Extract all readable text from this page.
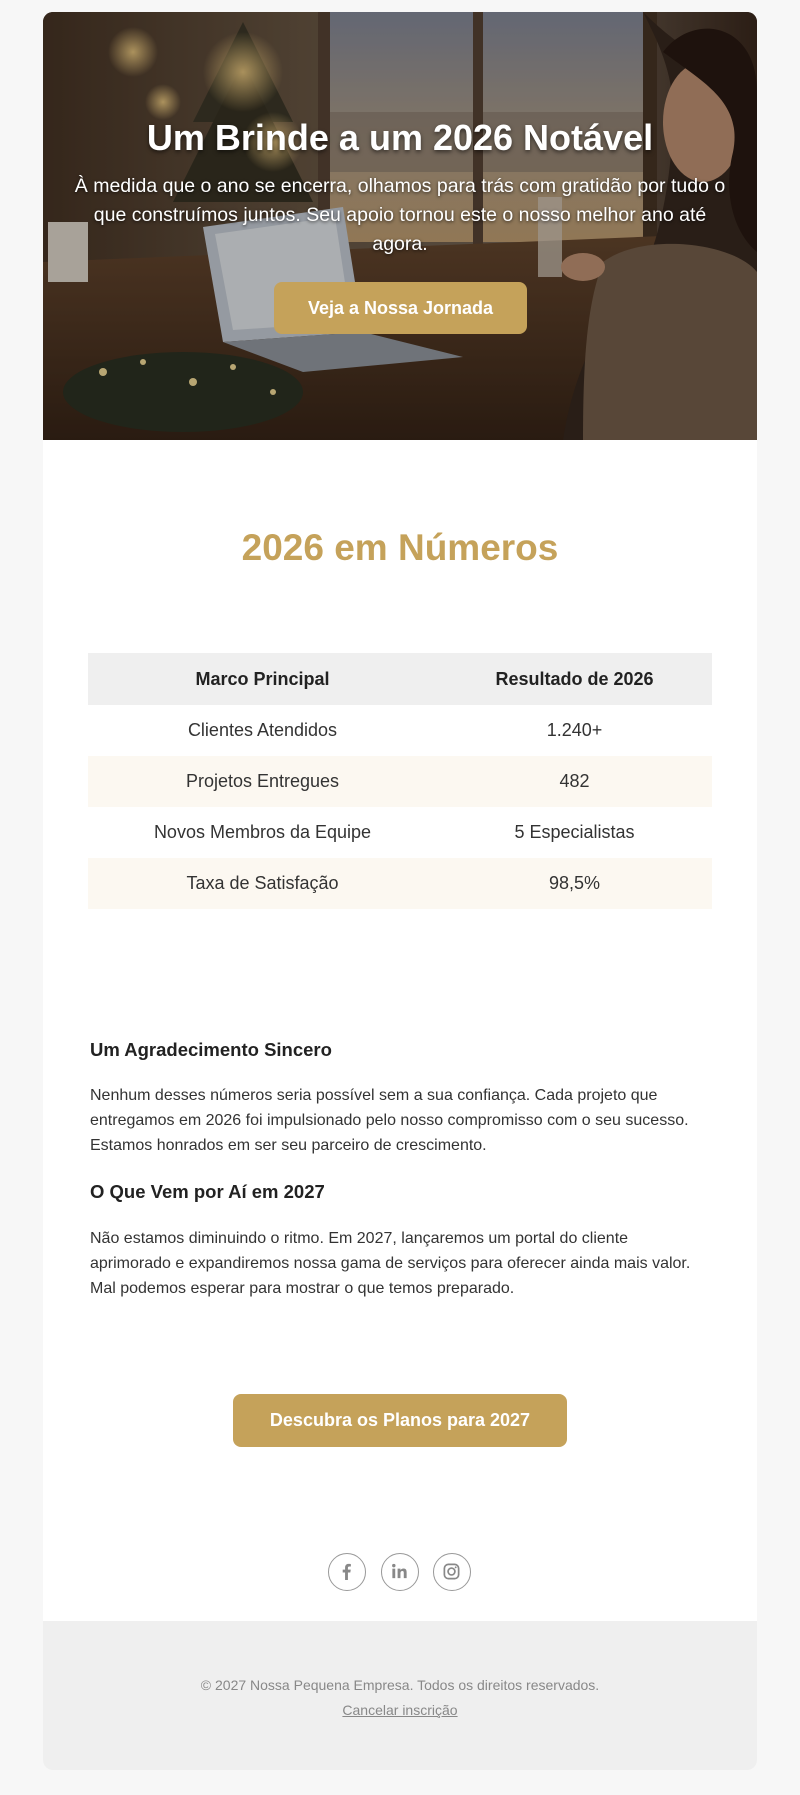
Um Brinde a um 2026 Notável
À medida que o ano se encerra, olhamos para trás com gratidão por tudo o que construímos juntos. Seu apoio tornou este o nosso melhor ano até agora.
Veja a Nossa Jornada
2026 em Números
Marco Principal	Resultado de 2026
Clientes Atendidos	1.240+
Projetos Entregues	482
Novos Membros da Equipe	5 Especialistas
Taxa de Satisfação	98,5%
Um Agradecimento Sincero
Nenhum desses números seria possível sem a sua confiança. Cada projeto que entregamos em 2026 foi impulsionado pelo nosso compromisso com o seu sucesso. Estamos honrados em ser seu parceiro de crescimento.
O Que Vem por Aí em 2027
Não estamos diminuindo o ritmo. Em 2027, lançaremos um portal do cliente aprimorado e expandiremos nossa gama de serviços para oferecer ainda mais valor. Mal podemos esperar para mostrar o que temos preparado.
Descubra os Planos para 2027
© 2027 Nossa Pequena Empresa. Todos os direitos reservados.
Cancelar inscrição
